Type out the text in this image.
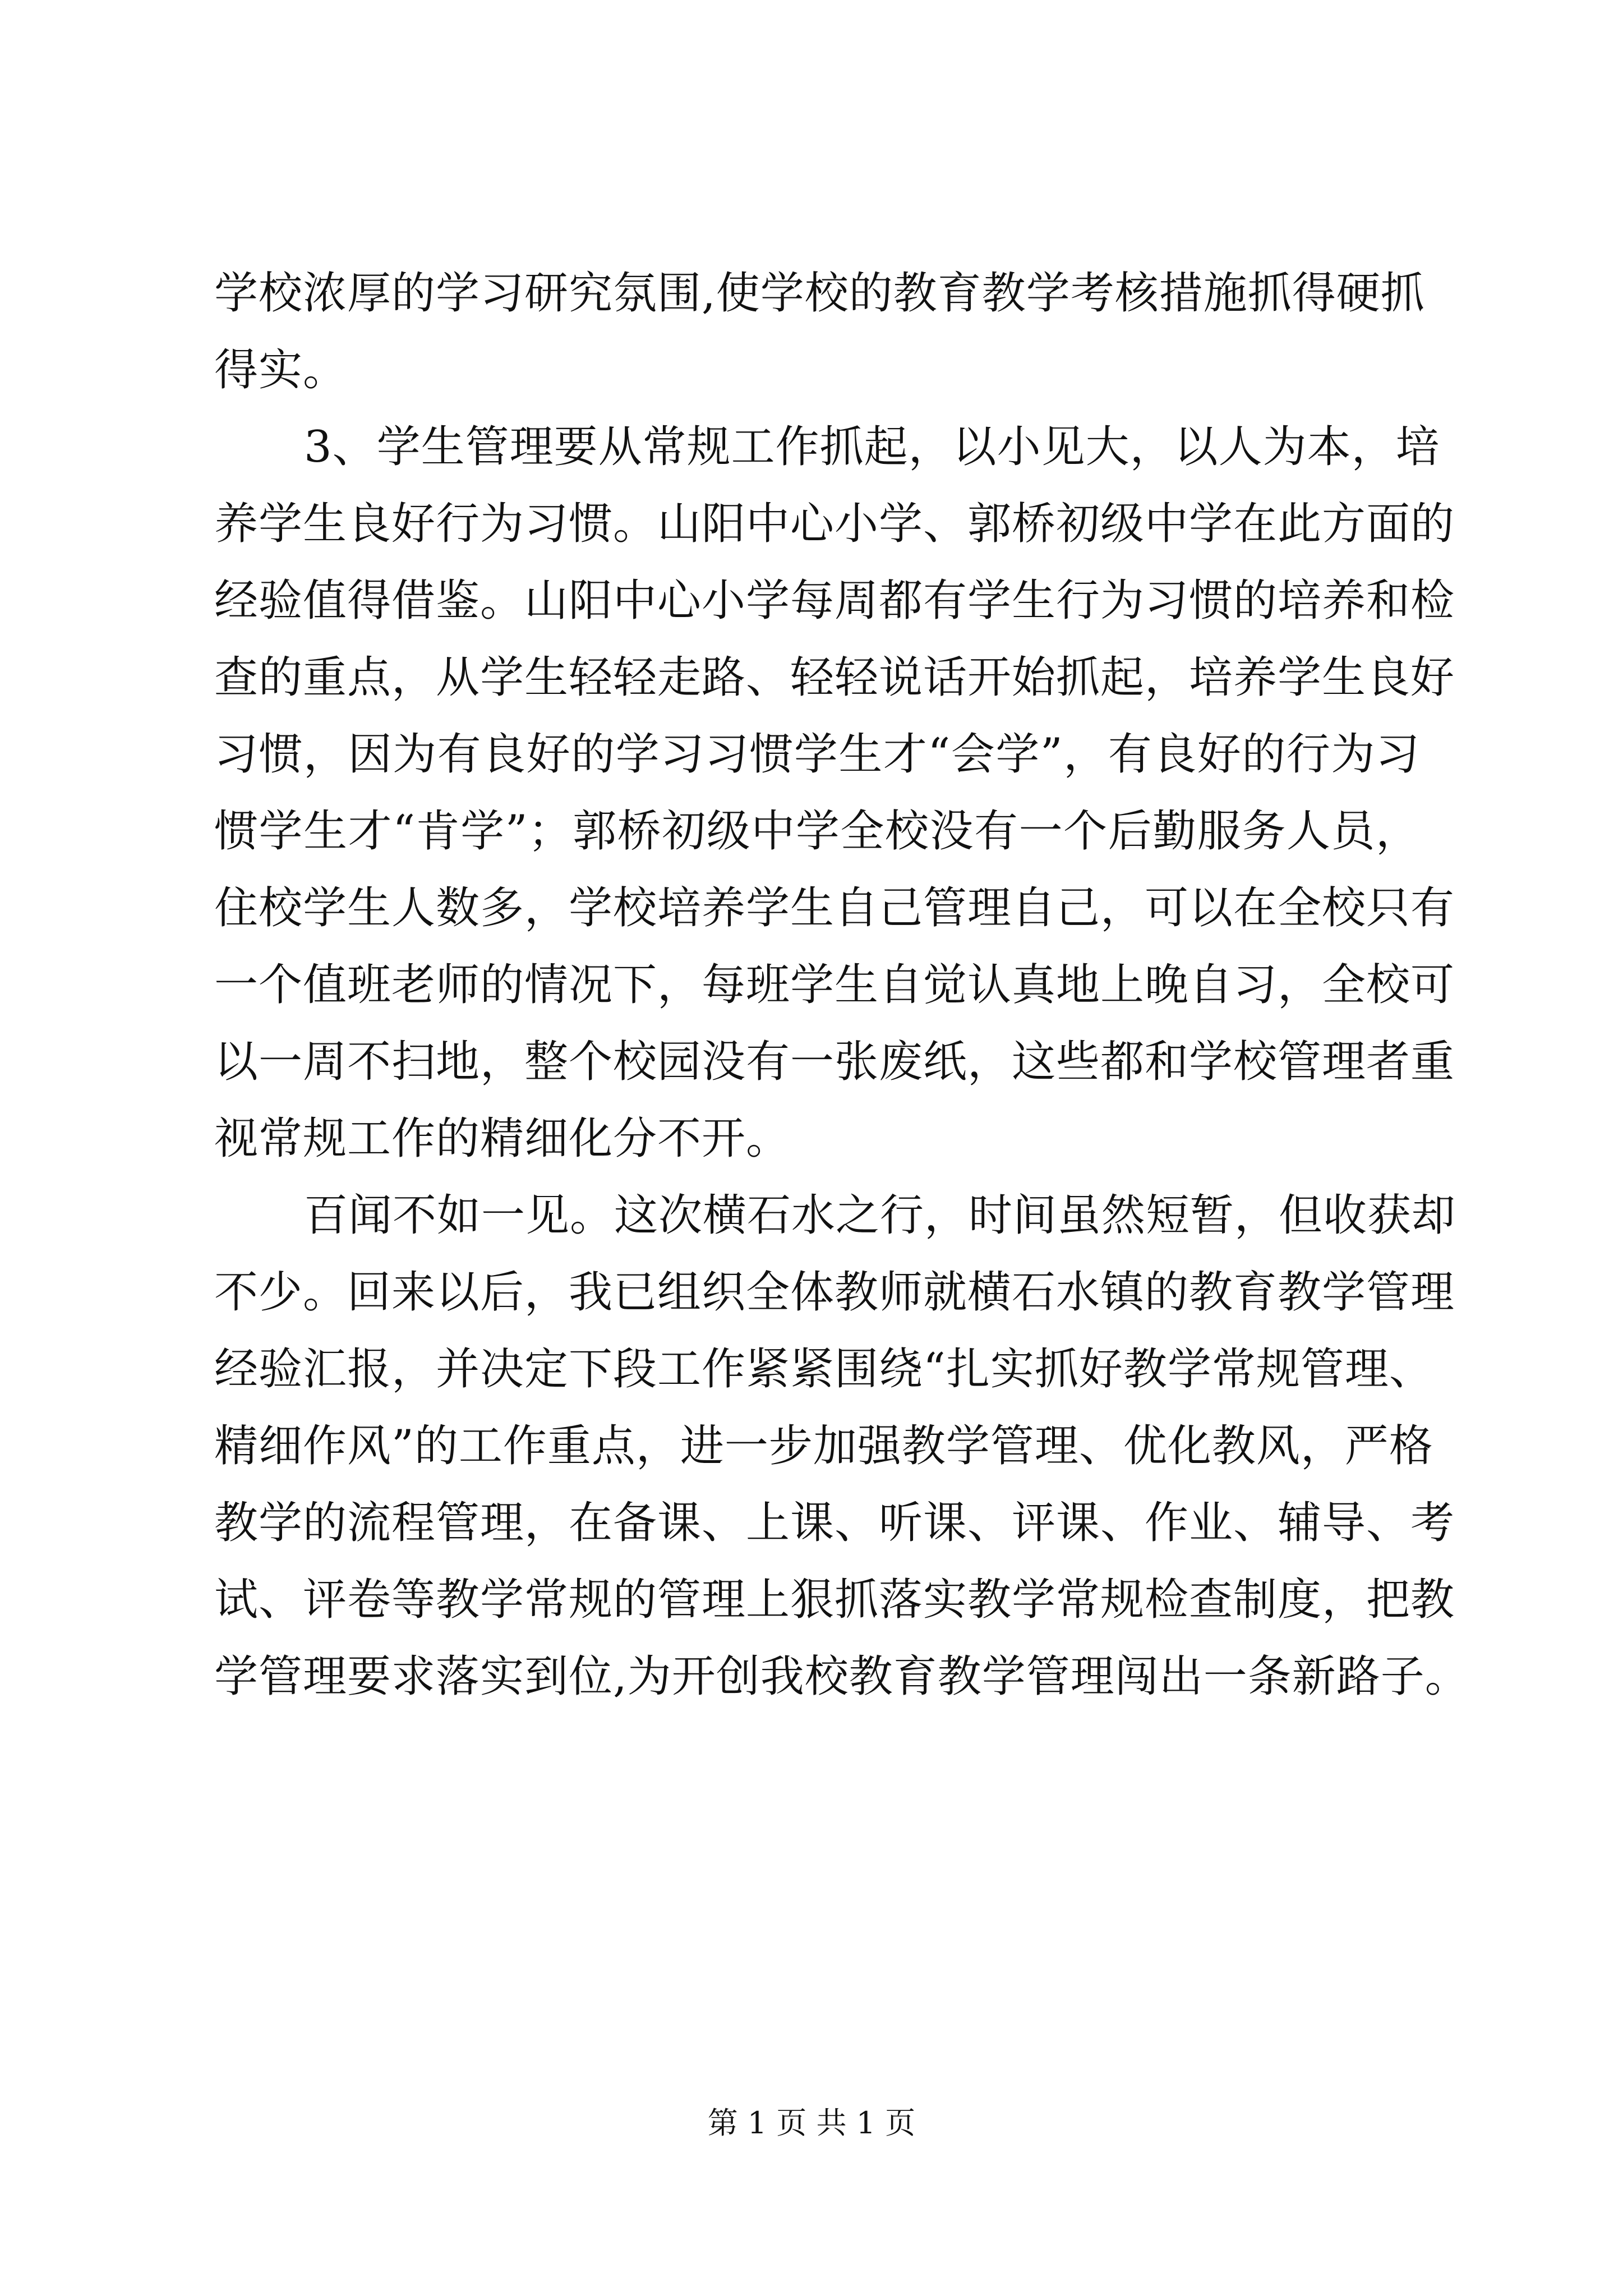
学校浓厚的学习研究氛围,使学校的教育教学考核措施抓得硬抓
得实。
3、学生管理要从常规工作抓起，以小见大，以人为本，培
养学生良好行为习惯。山阳中心小学、郭桥初级中学在此方面的
经验值得借鉴。山阳中心小学每周都有学生行为习惯的培养和检
查的重点，从学生轻轻走路、轻轻说话开始抓起，培养学生良好
习惯，因为有良好的学习习惯学生才“会学”，有良好的行为习
惯学生才“肯学”；郭桥初级中学全校没有一个后勤服务人员，
住校学生人数多，学校培养学生自己管理自己，可以在全校只有
一个值班老师的情况下，每班学生自觉认真地上晚自习，全校可
以一周不扫地，整个校园没有一张废纸，这些都和学校管理者重
视常规工作的精细化分不开。
百闻不如一见。这次横石水之行，时间虽然短暂，但收获却
不少。回来以后，我已组织全体教师就横石水镇的教育教学管理
经验汇报，并决定下段工作紧紧围绕“扎实抓好教学常规管理、
精细作风”的工作重点，进一步加强教学管理、优化教风，严格
教学的流程管理，在备课、上课、听课、评课、作业、辅导、考
试、评卷等教学常规的管理上狠抓落实教学常规检查制度，把教
学管理要求落实到位,为开创我校教育教学管理闯出一条新路子。
第 1 页 共 1 页
